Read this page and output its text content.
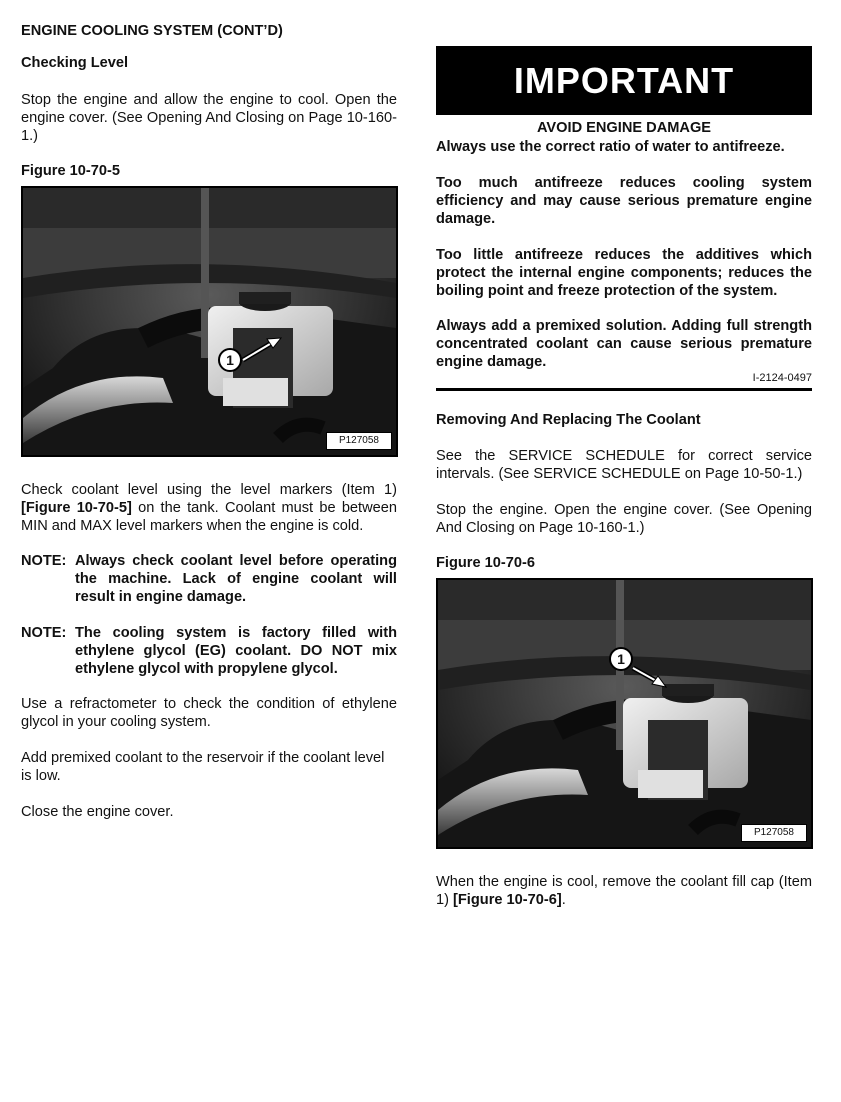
ENGINE COOLING SYSTEM (CONT’D)
Checking Level

Stop the engine and allow the engine to cool. Open the engine cover. (See Opening And Closing on Page 10-160-1.)

Figure 10-70-5
1
P127058

Check coolant level using the level markers (Item 1) [Figure 10-70-5] on the tank. Coolant must be between MIN and MAX level markers when the engine is cold.

NOTE: Always check coolant level before operating the machine. Lack of engine coolant will result in engine damage.
NOTE: The cooling system is factory filled with ethylene glycol (EG) coolant. DO NOT mix ethylene glycol with propylene glycol.

Use a refractometer to check the condition of ethylene glycol in your cooling system.

Add premixed coolant to the reservoir if the coolant level is low.

Close the engine cover.

IMPORTANT
AVOID ENGINE DAMAGE

Always use the correct ratio of water to antifreeze.

Too much antifreeze reduces cooling system efficiency and may cause serious premature engine damage.

Too little antifreeze reduces the additives which protect the internal engine components; reduces the boiling point and freeze protection of the system.

Always add a premixed solution. Adding full strength concentrated coolant can cause serious premature engine damage.

I-2124-0497
Removing And Replacing The Coolant

See the SERVICE SCHEDULE for correct service intervals. (See SERVICE SCHEDULE on Page 10-50-1.)

Stop the engine. Open the engine cover. (See Opening And Closing on Page 10-160-1.)

Figure 10-70-6
1
P127058

When the engine is cool, remove the coolant fill cap (Item 1) [Figure 10-70-6].
